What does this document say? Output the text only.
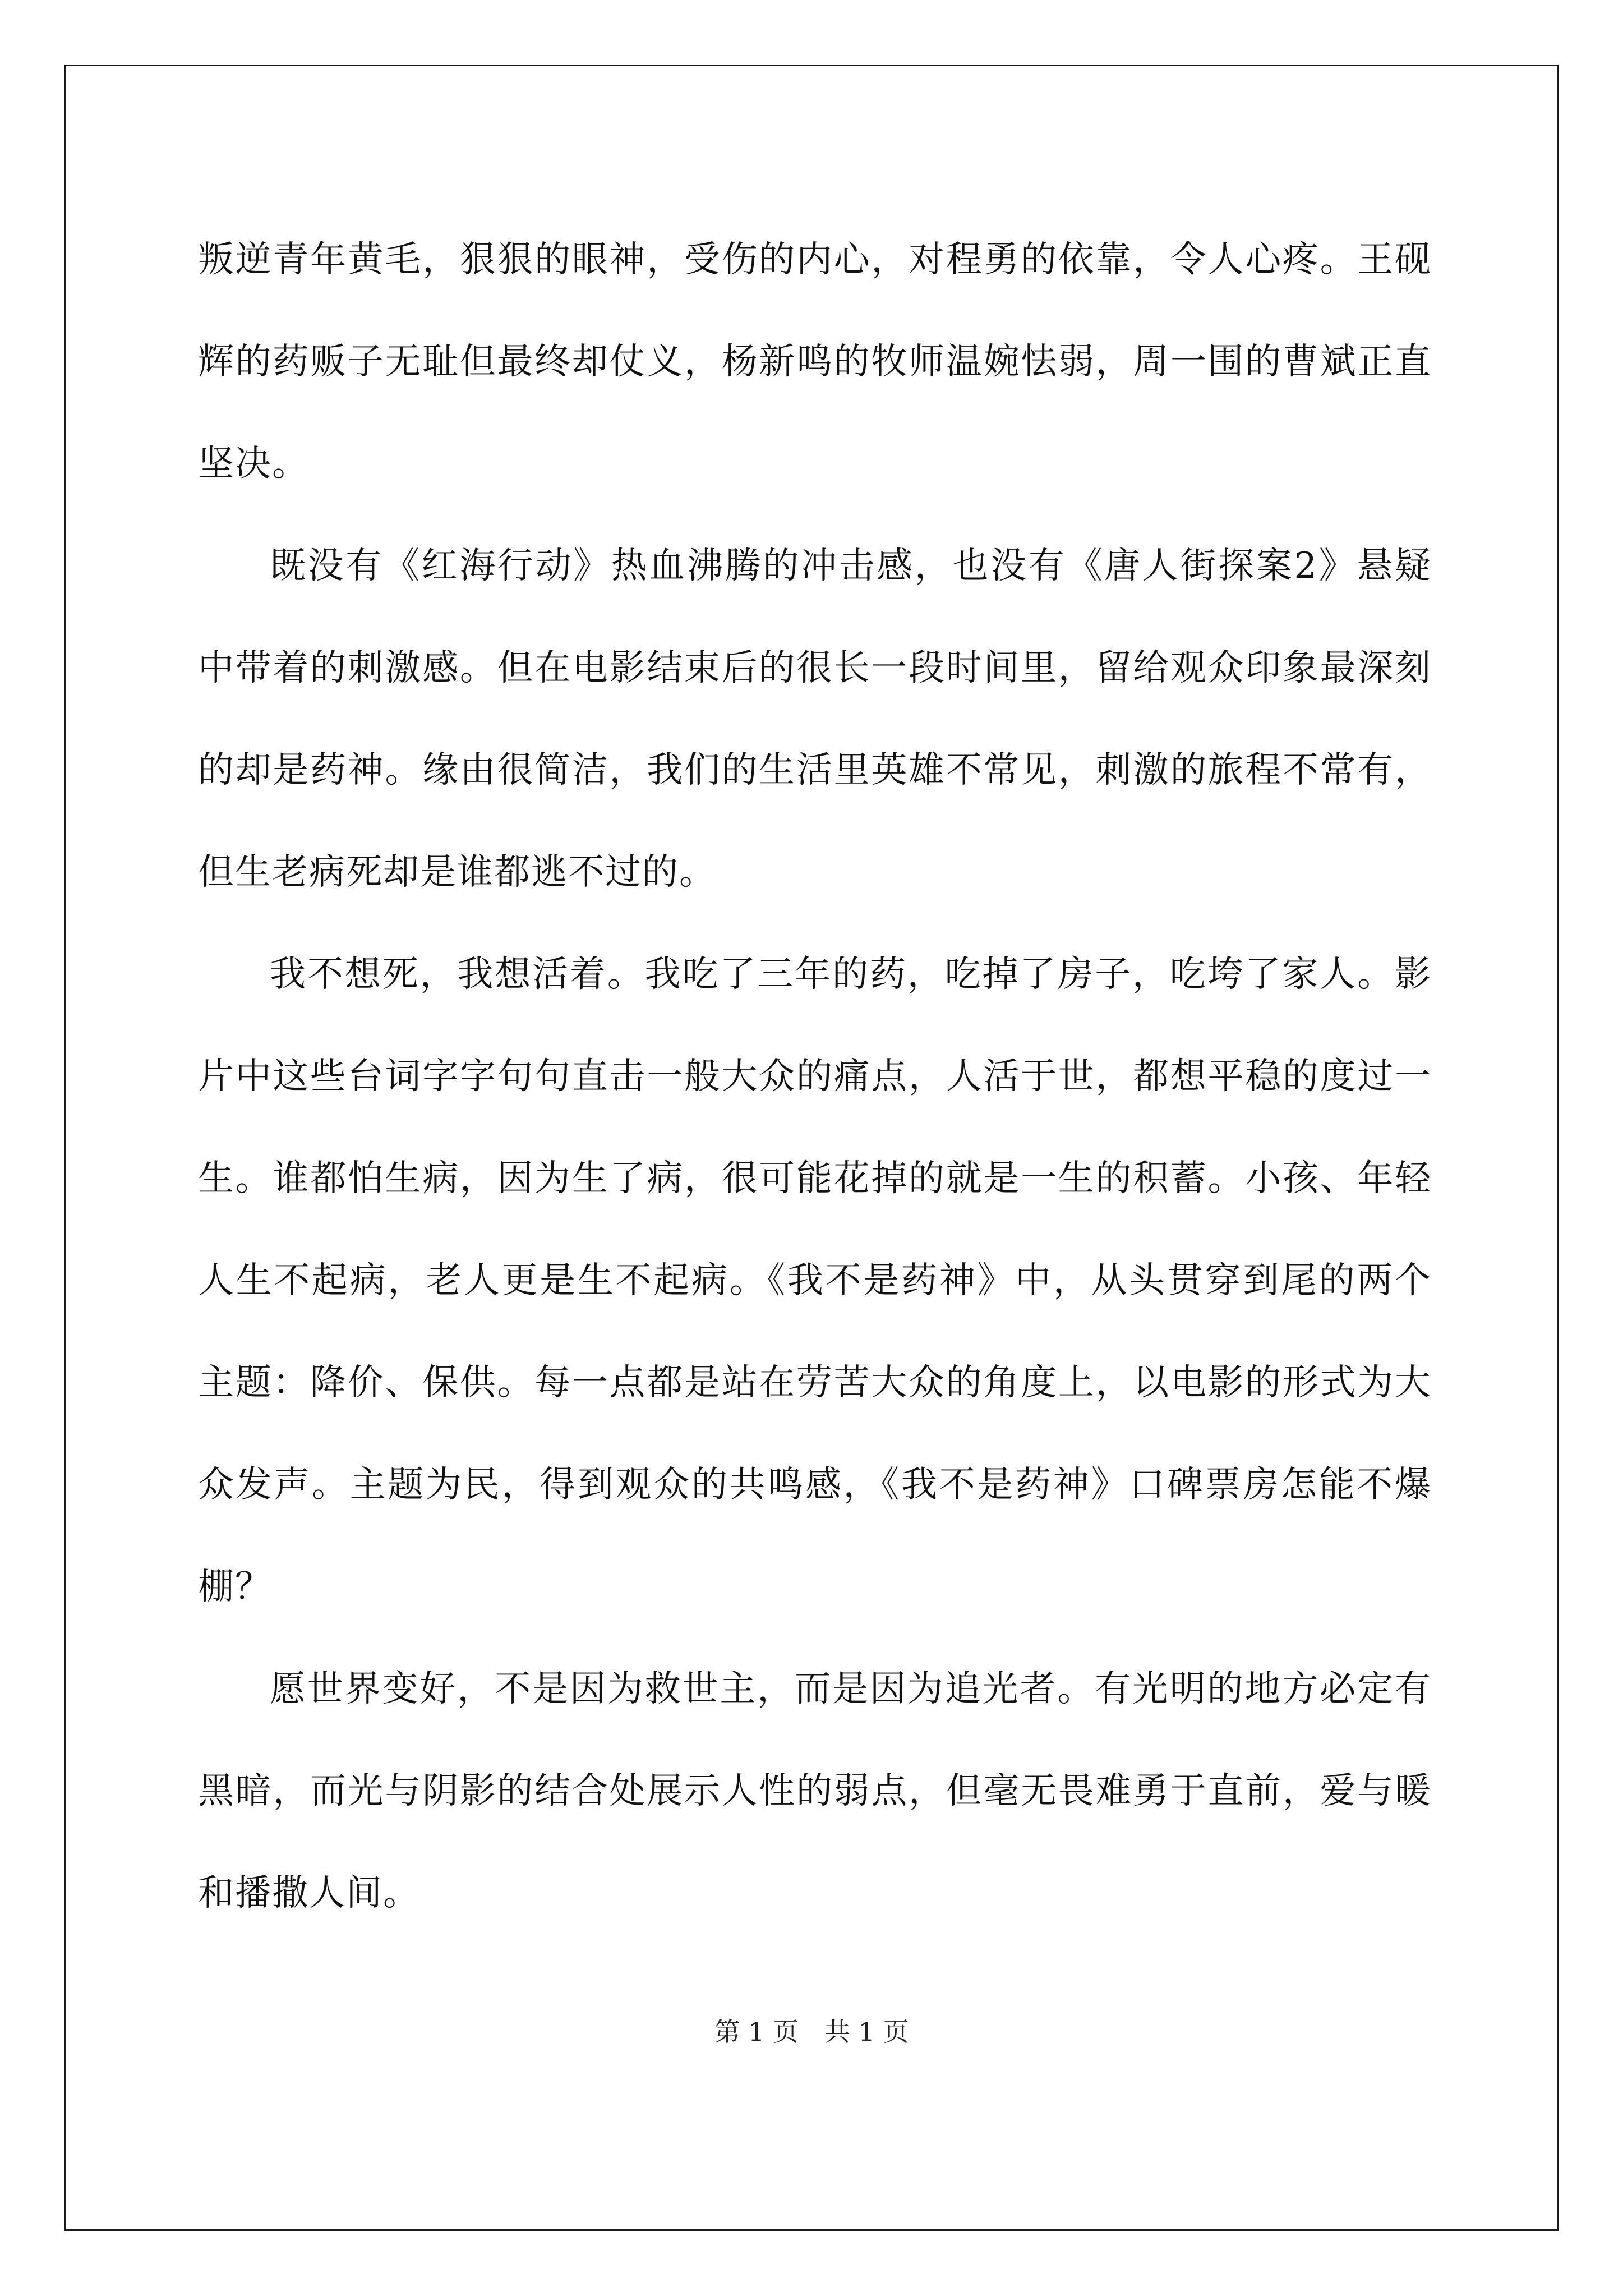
叛逆青年黄毛，狠狠的眼神，受伤的内心，对程勇的依靠，令人心疼。王砚辉的药贩子无耻但最终却仗义，杨新鸣的牧师温婉怯弱，周一围的曹斌正直坚决。

既没有《红海行动》热血沸腾的冲击感，也没有《唐人街探案2》悬疑中带着的刺激感。但在电影结束后的很长一段时间里，留给观众印象最深刻的却是药神。缘由很简洁，我们的生活里英雄不常见，刺激的旅程不常有，但生老病死却是谁都逃不过的。

我不想死，我想活着。我吃了三年的药，吃掉了房子，吃垮了家人。影片中这些台词字字句句直击一般大众的痛点，人活于世，都想平稳的度过一生。谁都怕生病，因为生了病，很可能花掉的就是一生的积蓄。小孩、年轻人生不起病，老人更是生不起病。《我不是药神》中，从头贯穿到尾的两个主题：降价、保供。每一点都是站在劳苦大众的角度上，以电影的形式为大众发声。主题为民，得到观众的共鸣感，《我不是药神》口碑票房怎能不爆棚？

愿世界变好，不是因为救世主，而是因为追光者。有光明的地方必定有黑暗，而光与阴影的结合处展示人性的弱点，但毫无畏难勇于直前，爱与暖和播撒人间。

第 1 页　共 1 页
